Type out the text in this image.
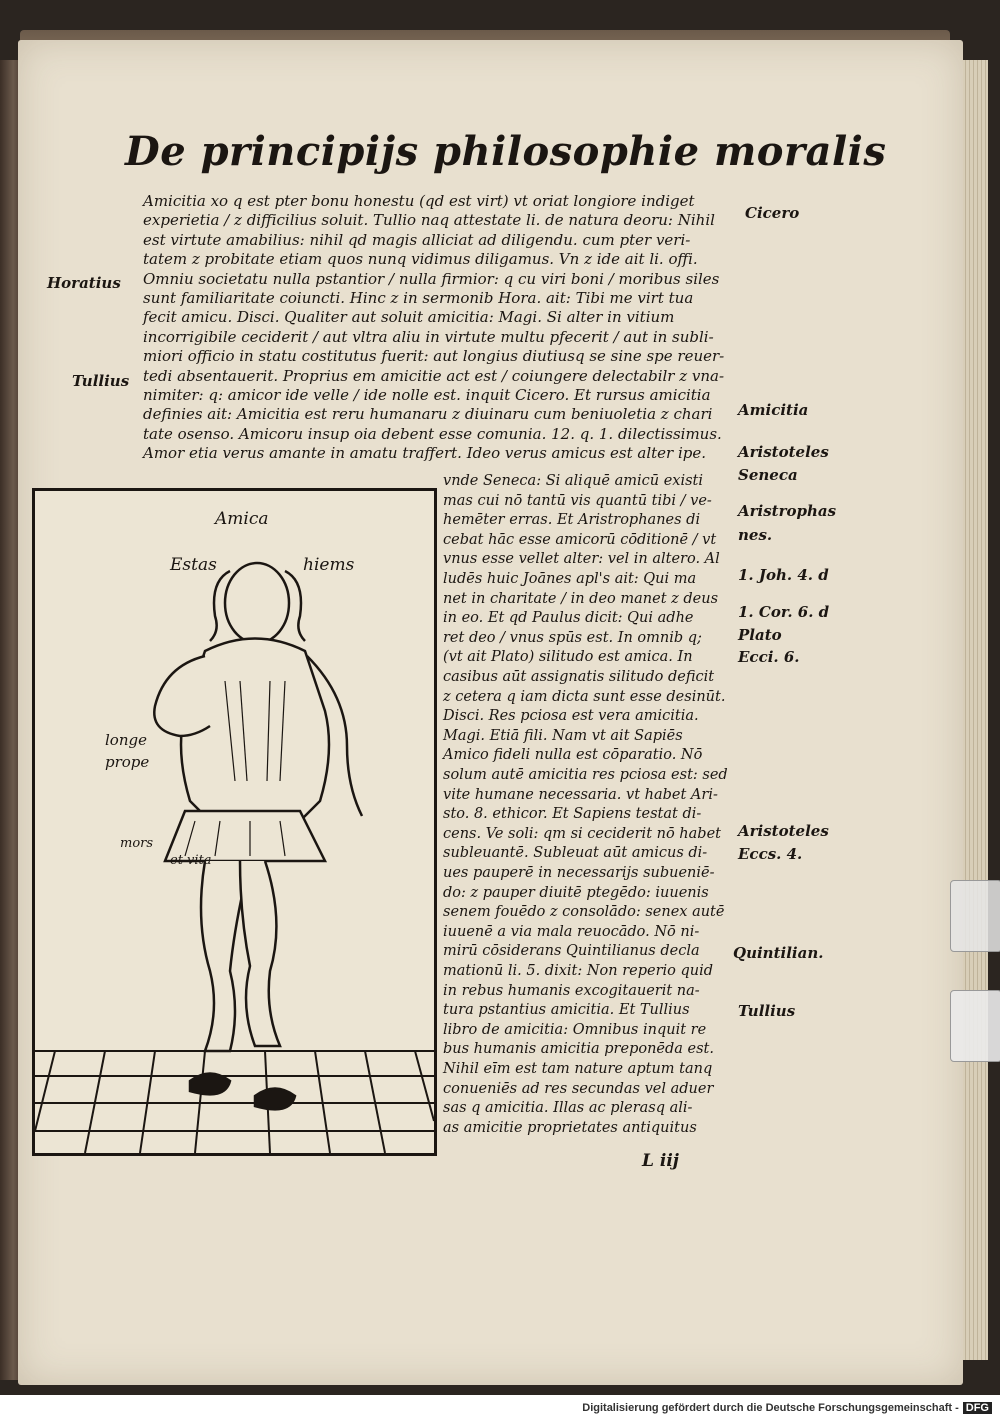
De principijs philosophie moralis
Amicitia xo q est pter bonu honestu (qd est virt) vt oriat longiore indiget
experietia / z difficilius soluit. Tullio naq attestate li. de natura deoru: Nihil
est virtute amabilius: nihil qd magis alliciat ad diligendu. cum pter veri-
tatem z probitate etiam quos nunq vidimus diligamus. Vn z ide ait li. offi.
Omniu societatu nulla pstantior / nulla firmior: q cu viri boni / moribus siles
sunt familiaritate coiuncti. Hinc z in sermonib Hora. ait: Tibi me virt tua
fecit amicu. Disci. Qualiter aut soluit amicitia: Magi. Si alter in vitium
incorrigibile ceciderit / aut vltra aliu in virtute multu pfecerit / aut in subli-
miori officio in statu costitutus fuerit: aut longius diutiusq se sine spe reuer-
tedi absentauerit. Proprius em amicitie act est / coiungere delectabilr z vna-
nimiter: q: amicor ide velle / ide nolle est. inquit Cicero. Et rursus amicitia
definies ait: Amicitia est reru humanaru z diuinaru cum beniuoletia z chari
tate osenso. Amicoru insup oia debent esse comunia. 12. q. 1. dilectissimus.
Amor etia verus amante in amatu traffert. Ideo verus amicus est alter ipe.
vnde Seneca: Si aliquē amicū existi
mas cui nō tantū vis quantū tibi / ve-
hemēter erras. Et Aristrophanes di
cebat hāc esse amicorū cōditionē / vt
vnus esse vellet alter: vel in altero. Al
ludēs huic Joānes apl's ait: Qui ma
net in charitate / in deo manet z deus
in eo. Et qd Paulus dicit: Qui adhe
ret deo / vnus spūs est. In omnib q;
(vt ait Plato) silitudo est amica. In
casibus aūt assignatis silitudo deficit
z cetera q iam dicta sunt esse desinūt.
Disci. Res pciosa est vera amicitia.
Magi. Etiā fili. Nam vt ait Sapiēs
Amico fideli nulla est cōparatio. Nō
solum autē amicitia res pciosa est: sed
vite humane necessaria. vt habet Ari-
sto. 8. ethicor. Et Sapiens testat di-
cens. Ve soli: qm si ceciderit nō habet
subleuantē. Subleuat aūt amicus di-
ues pauperē in necessarijs subueniē-
do: z pauper diuitē ptegēdo: iuuenis
senem fouēdo z consolādo: senex autē
iuuenē a via mala reuocādo. Nō ni-
mirū cōsiderans Quintilianus decla
mationū li. 5. dixit: Non reperio quid
in rebus humanis excogitauerit na-
tura pstantius amicitia. Et Tullius
libro de amicitia: Omnibus inquit re
bus humanis amicitia preponēda est.
Nihil eīm est tam nature aptum tanq
conueniēs ad res secundas vel aduer
sas q amicitia. Illas ac plerasq ali-
as amicitie proprietates antiquitus
Horatius
Tullius
Cicero
Amicitia
Aristoteles
Seneca
Aristrophas
nes.
1. Joh. 4. d
1. Cor. 6. d
Plato
Ecci. 6.
Aristoteles
Eccs. 4.
Quintilian.
Tullius
Amica
Estas	hiems
longe
prope
mors
et vita
L iij
Digitalisierung gefördert durch die Deutsche Forschungsgemeinschaft - DFG
